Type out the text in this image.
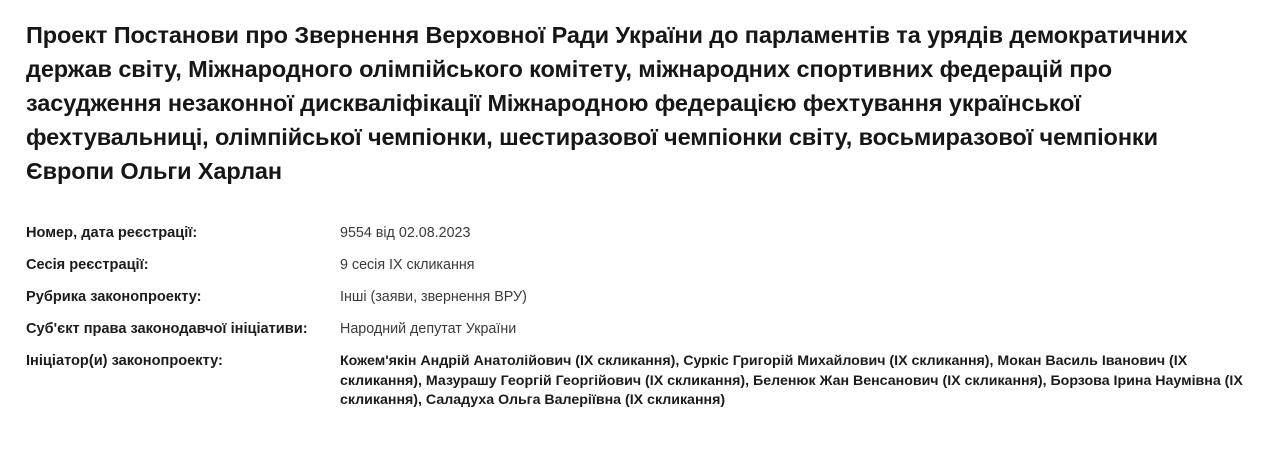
Проект Постанови про Звернення Верховної Ради України до парламентів та урядів демократичних держав світу, Міжнародного олімпійського комітету, міжнародних спортивних федерацій про засудження незаконної дискваліфікації Міжнародною федерацією фехтування української фехтувальниці, олімпійської чемпіонки, шестиразової чемпіонки світу, восьмиразової чемпіонки Європи Ольги Харлан
Номер, дата реєстрації:	9554 від 02.08.2023
Сесія реєстрації:	9 сесія IX скликання
Рубрика законопроекту:	Інші (заяви, звернення ВРУ)
Суб'єкт права законодавчої ініціативи:	Народний депутат України
Ініціатор(и) законопроекту:	Кожем'якін Андрій Анатолійович (IX скликання), Суркіс Григорій Михайлович (IX скликання), Мокан Василь Іванович (IX скликання), Мазурашу Георгій Георгійович (IX скликання), Беленюк Жан Венсанович (IX скликання), Борзова Ірина Наумівна (IX скликання), Саладуха Ольга Валеріївна (IX скликання)
